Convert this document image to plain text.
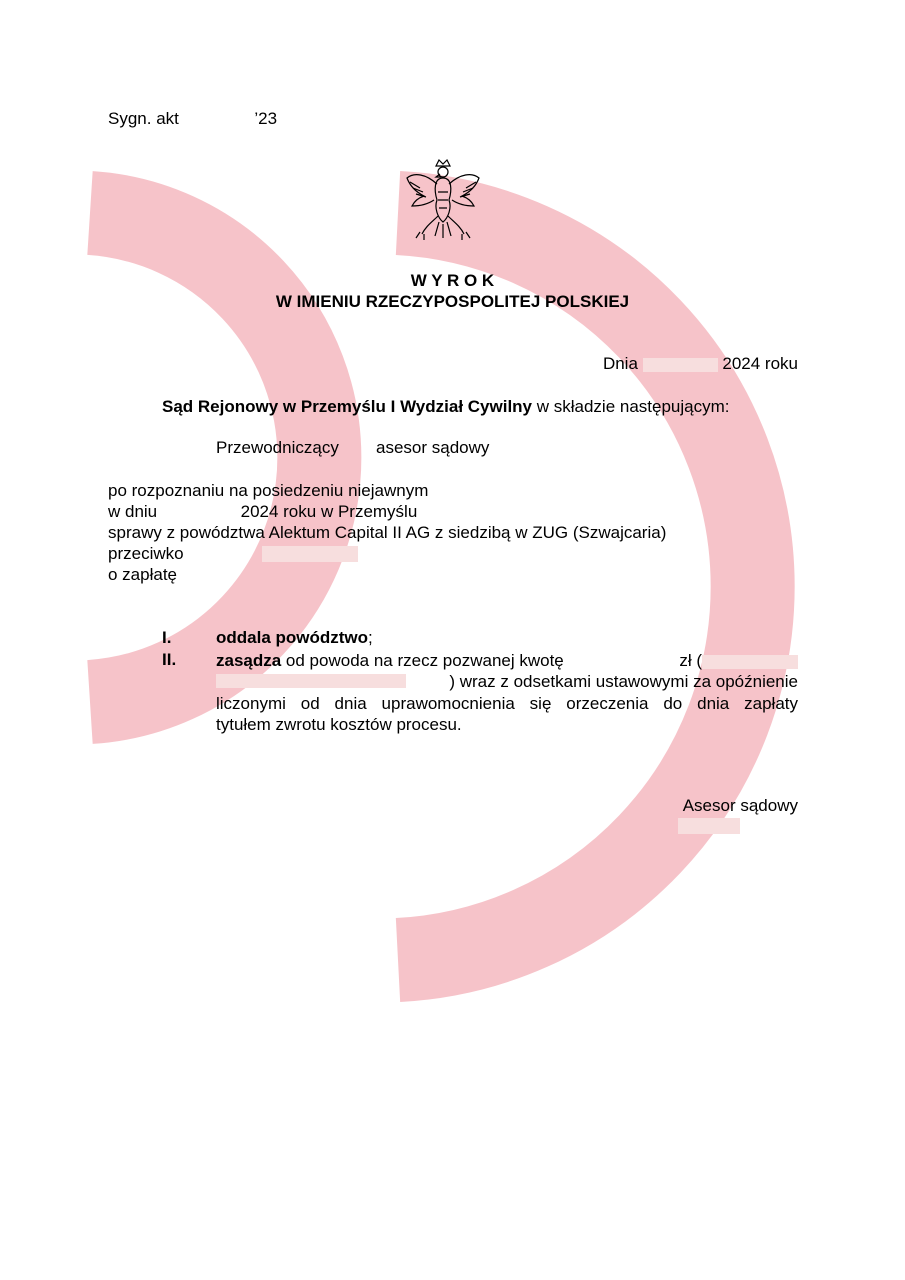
Sygn. akt	’23
W Y R O K
W IMIENIU RZECZYPOSPOLITEJ POLSKIEJ
Dnia	2024 roku
Sąd Rejonowy w Przemyślu I Wydział Cywilny w składzie następującym:
Przewodniczący asesor sądowy
po rozpoznaniu na posiedzeniu niejawnym
w dniu	2024 roku w Przemyślu
sprawy z powództwa Alektum Capital II AG z siedzibą w ZUG (Szwajcaria)
przeciwko
o zapłatę
I.	oddala powództwo;
II. zasądza od powoda na rzecz pozwanej kwotę	zł (
) wraz z odsetkami ustawowymi za opóźnienie

liczonymi od dnia uprawomocnienia się orzeczenia do dnia zapłaty

tytułem zwrotu kosztów procesu.

Asesor sądowy
